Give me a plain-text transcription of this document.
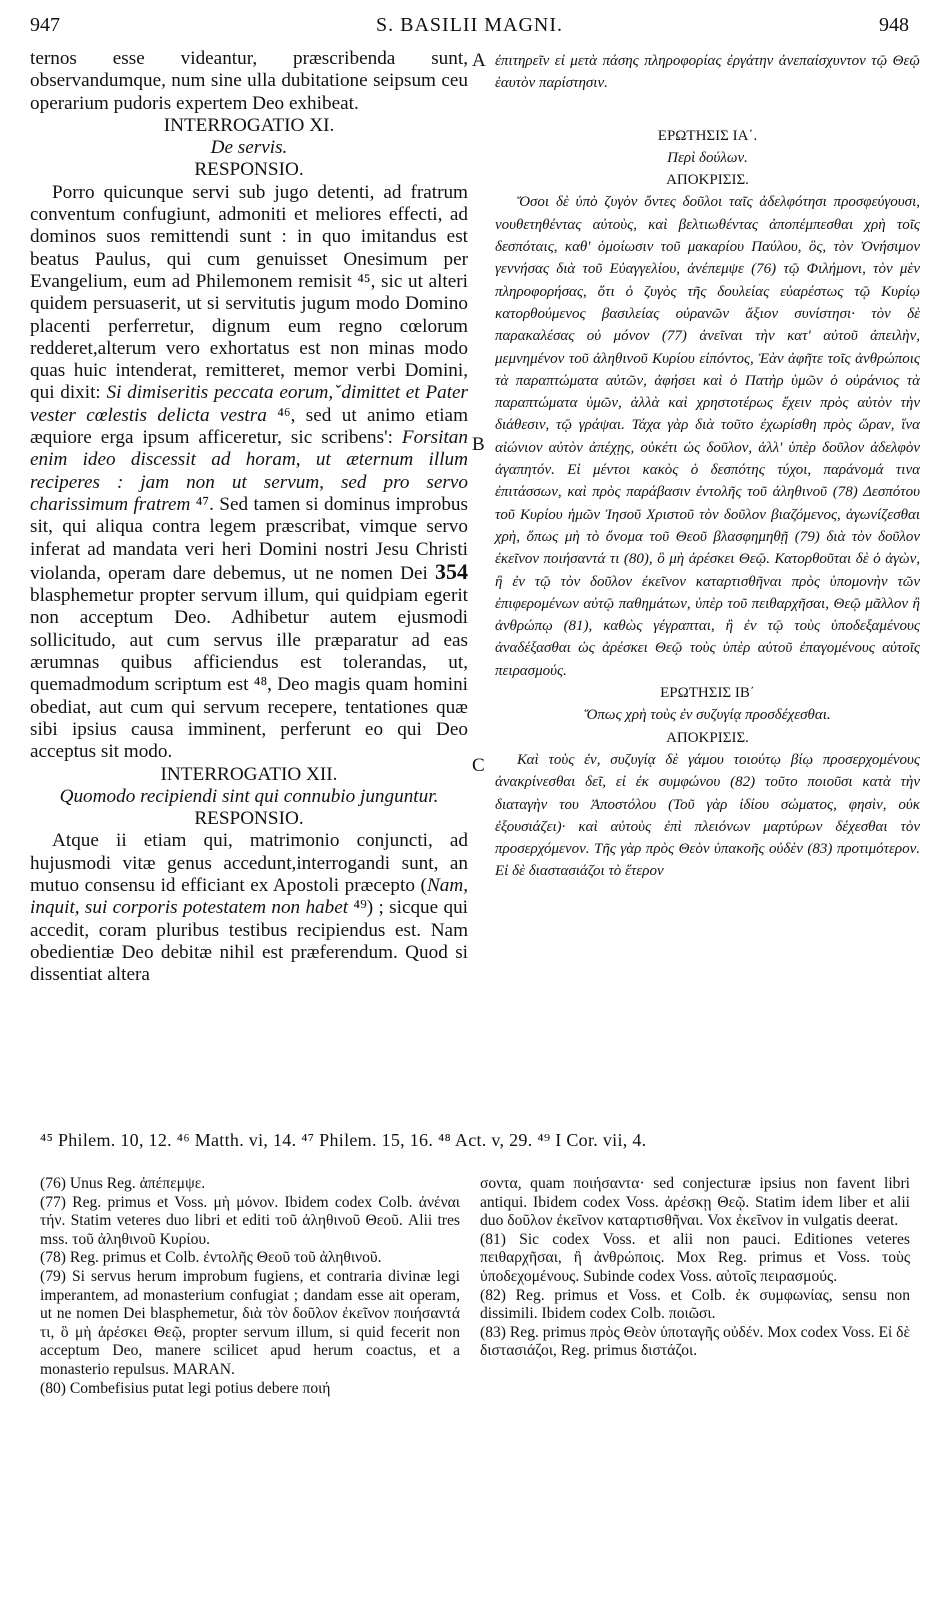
947	S. BASILII MAGNI.	948
A
B
C

ternos esse videantur, præscribenda sunt, observandumque, num sine ulla dubitatione seipsum ceu operarium pudoris expertem Deo exhibeat.

INTERROGATIO XI.

De servis.

RESPONSIO.

Porro quicunque servi sub jugo detenti, ad fratrum conventum confugiunt, admoniti et meliores effecti, ad dominos suos remittendi sunt : in quo imitandus est beatus Paulus, qui cum genuisset Onesimum per Evangelium, eum ad Philemonem remisit ⁴⁵, sic ut alteri quidem persuaserit, ut si servitutis jugum modo Domino placenti perferretur, dignum eum regno cœlorum redderet,alterum vero exhortatus est non minas modo quas huic intenderat, remitteret, memor verbi Domini, qui dixit: Si dimiseritis peccata eorum,ˇdimittet et Pater vester cœlestis delicta vestra ⁴⁶, sed ut animo etiam æquiore erga ipsum afficeretur, sic scribens': Forsitan enim ideo discessit ad horam, ut æternum illum reciperes : jam non ut servum, sed pro servo charissimum fratrem ⁴⁷. Sed tamen si dominus improbus sit, qui aliqua contra legem præscribat, vimque servo inferat ad mandata veri heri Domini nostri Jesu Christi violanda, operam dare debemus, ut ne nomen Dei 354 blasphemetur propter servum illum, qui quidpiam egerit non acceptum Deo. Adhibetur autem ejusmodi sollicitudo, aut cum servus ille præparatur ad eas ærumnas quibus afficiendus est tolerandas, ut, quemadmodum scriptum est ⁴⁸, Deo magis quam homini obediat, aut cum qui servum recepere, tentationes quæ sibi ipsius causa imminent, perferunt eo qui Deo acceptus sit modo.

INTERROGATIO XII.

Quomodo recipiendi sint qui connubio junguntur.

RESPONSIO.

Atque ii etiam qui, matrimonio conjuncti, ad hujusmodi vitæ genus accedunt,interrogandi sunt, an mutuo consensu id efficiant ex Apostoli præcepto (Nam, inquit, sui corporis potestatem non habet ⁴⁹) ; sicque qui accedit, coram pluribus testibus recipiendus est. Nam obedientiæ Deo debitæ nihil est præferendum. Quod si dissentiat altera

ἐπιτηρεῖν εἰ μετὰ πάσης πληροφορίας ἐργάτην ἀνεπαίσχυντον τῷ Θεῷ ἑαυτὸν παρίστησιν.

ΕΡΩΤΗΣΙΣ ΙΑ΄.

Περὶ δούλων.

ΑΠΟΚΡΙΣΙΣ.

Ὅσοι δὲ ὑπὸ ζυγὸν ὄντες δοῦλοι ταῖς ἀδελφότησι προσφεύγουσι, νουθετηθέντας αὐτοὺς, καὶ βελτιωθέντας ἀποπέμπεσθαι χρὴ τοῖς δεσπόταις, καθ' ὁμοίωσιν τοῦ μακαρίου Παύλου, ὃς, τὸν Ὀνήσιμον γεννήσας διὰ τοῦ Εὐαγγελίου, ἀνέπεμψε (76) τῷ Φιλήμονι, τὸν μὲν πληροφορήσας, ὅτι ὁ ζυγὸς τῆς δουλείας εὐαρέστως τῷ Κυρίῳ κατορθούμενος βασιλείας οὐρανῶν ἄξιον συνίστησι· τὸν δὲ παρακαλέσας οὐ μόνον (77) ἀνεῖναι τὴν κατ' αὐτοῦ ἀπειλὴν, μεμνημένον τοῦ ἀληθινοῦ Κυρίου εἰπόντος, Ἐὰν ἀφῆτε τοῖς ἀνθρώποις τὰ παραπτώματα αὐτῶν, ἀφήσει καὶ ὁ Πατὴρ ὑμῶν ὁ οὐράνιος τὰ παραπτώματα ὑμῶν, ἀλλὰ καὶ χρηστοτέρως ἔχειν πρὸς αὐτὸν τὴν διάθεσιν, τῷ γράψαι. Τάχα γὰρ διὰ τοῦτο ἐχωρίσθη πρὸς ὥραν, ἵνα αἰώνιον αὐτὸν ἀπέχῃς, οὐκέτι ὡς δοῦλον, ἀλλ' ὑπὲρ δοῦλον ἀδελφὸν ἀγαπητόν. Εἰ μέντοι κακὸς ὁ δεσπότης τύχοι, παράνομά τινα ἐπιτάσσων, καὶ πρὸς παράβασιν ἐντολῆς τοῦ ἀληθινοῦ (78) Δεσπότου τοῦ Κυρίου ἡμῶν Ἰησοῦ Χριστοῦ τὸν δοῦλον βιαζόμενος, ἀγωνίζεσθαι χρὴ, ὅπως μὴ τὸ ὄνομα τοῦ Θεοῦ βλασφημηθῇ (79) διὰ τὸν δοῦλον ἐκεῖνον ποιήσαντά τι (80), ὃ μὴ ἀρέσκει Θεῷ. Κατορθοῦται δὲ ὁ ἀγὼν, ἢ ἐν τῷ τὸν δοῦλον ἐκεῖνον καταρτισθῆναι πρὸς ὑπομονὴν τῶν ἐπιφερομένων αὐτῷ παθημάτων, ὑπὲρ τοῦ πειθαρχῆσαι, Θεῷ μᾶλλον ἢ ἀνθρώπῳ (81), καθὼς γέγραπται, ἢ ἐν τῷ τοὺς ὑποδεξαμένους ἀναδέξασθαι ὡς ἀρέσκει Θεῷ τοὺς ὑπὲρ αὐτοῦ ἐπαγομένους αὐτοῖς πειρασμούς.

ΕΡΩΤΗΣΙΣ ΙΒ΄

Ὅπως χρὴ τοὺς ἐν συζυγίᾳ προσδέχεσθαι.

ΑΠΟΚΡΙΣΙΣ.

Καὶ τοὺς ἐν, συζυγίᾳ δὲ γάμου τοιούτῳ βίῳ προσερχομένους ἀνακρίνεσθαι δεῖ, εἰ ἐκ συμφώνου (82) τοῦτο ποιοῦσι κατὰ τὴν διαταγὴν του Ἀποστόλου (Τοῦ γὰρ ἰδίου σώματος, φησὶν, οὐκ ἐξουσιάζει)· καὶ αὐτοὺς ἐπὶ πλειόνων μαρτύρων δέχεσθαι τὸν προσερχόμενον. Τῆς γὰρ πρὸς Θεὸν ὑπακοῆς οὐδὲν (83) προτιμότερον. Εἰ δὲ διαστασιάζοι τὸ ἕτερον

⁴⁵ Philem. 10, 12. ⁴⁶ Matth. vi, 14. ⁴⁷ Philem. 15, 16. ⁴⁸ Act. v, 29. ⁴⁹ I Cor. vii, 4.

(76) Unus Reg. ἀπέπεμψε.

(77) Reg. primus et Voss. μὴ μόνον. Ibidem codex Colb. ἀνέναι τήν. Statim veteres duo libri et editi τοῦ ἀληθινοῦ Θεοῦ. Alii tres mss. τοῦ ἀληθινοῦ Κυρίου.

(78) Reg. primus et Colb. ἐντολῆς Θεοῦ τοῦ ἀληθινοῦ.

(79) Si servus herum improbum fugiens, et contraria divinæ legi imperantem, ad monasterium confugiat ; dandam esse ait operam, ut ne nomen Dei blasphemetur, διὰ τὸν δοῦλον ἐκεῖνον ποιήσαντά τι, ὃ μὴ ἀρέσκει Θεῷ, propter servum illum, si quid fecerit non acceptum Deo, manere scilicet apud herum coactus, et a monasterio repulsus. MARAN.

(80) Combefisius putat legi potius debere ποιή

σοντα, quam ποιήσαντα· sed conjecturæ ipsius non favent libri antiqui. Ibidem codex Voss. ἀρέσκῃ Θεῷ. Statim idem liber et alii duo δοῦλον ἐκεῖνον καταρτισθῆναι. Vox ἐκεῖνον in vulgatis deerat.

(81) Sic codex Voss. et alii non pauci. Editiones veteres πειθαρχῆσαι, ἢ ἀνθρώποις. Mox Reg. primus et Voss. τοὺς ὑποδεχομένους. Subinde codex Voss. αὐτοῖς πειρασμούς.

(82) Reg. primus et Voss. et Colb. ἐκ συμφωνίας, sensu non dissimili. Ibidem codex Colb. ποιῶσι.

(83) Reg. primus πρὸς Θεὸν ὑποταγῆς οὐδέν. Mox codex Voss. Εἰ δὲ διστασιάζοι, Reg. primus διστάζοι.
